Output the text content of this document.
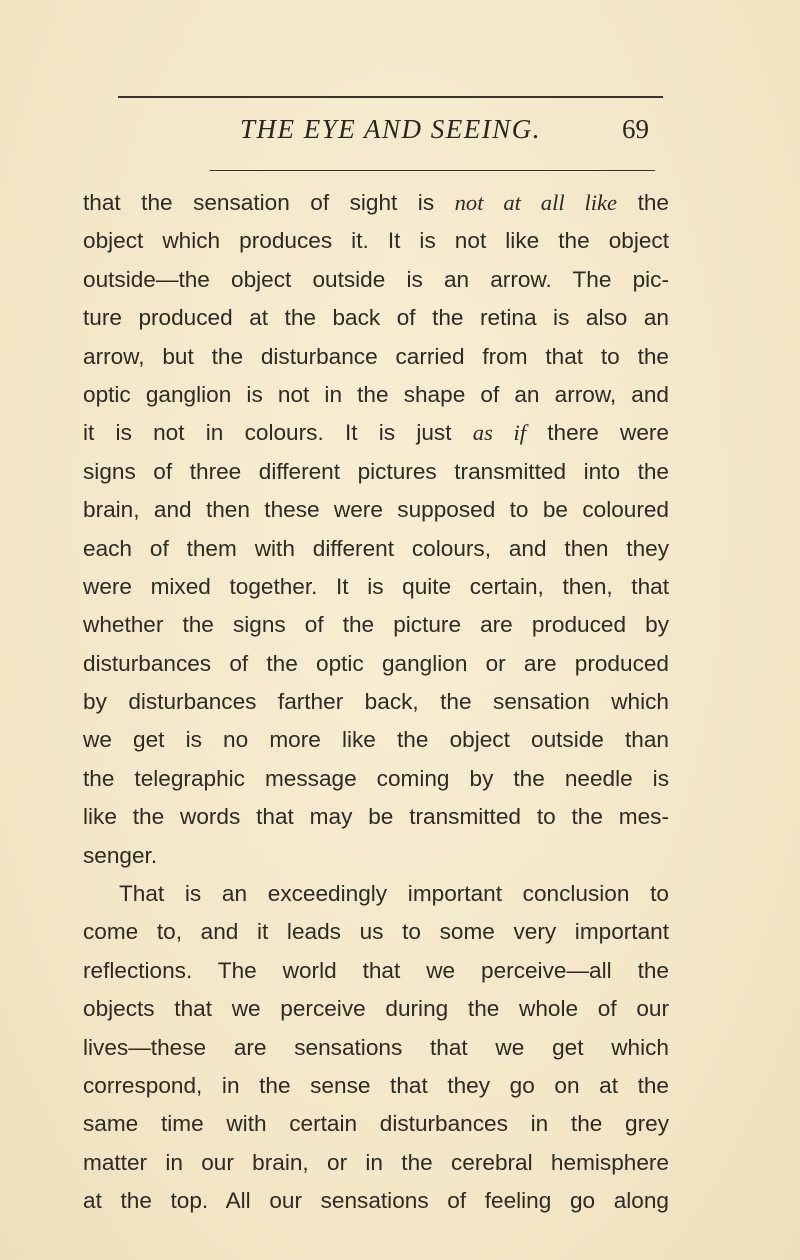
THE EYE AND SEEING.	69
that the sensation of sight is not at all like the
object which produces it. It is not like the object
outside—the object outside is an arrow. The pic-
ture produced at the back of the retina is also an
arrow, but the disturbance carried from that to the
optic ganglion is not in the shape of an arrow, and
it is not in colours. It is just as if there were
signs of three different pictures transmitted into the
brain, and then these were supposed to be coloured
each of them with different colours, and then they
were mixed together. It is quite certain, then, that
whether the signs of the picture are produced by
disturbances of the optic ganglion or are produced
by disturbances farther back, the sensation which
we get is no more like the object outside than
the telegraphic message coming by the needle is
like the words that may be transmitted to the mes-
senger.
That is an exceedingly important conclusion to
come to, and it leads us to some very important
reflections. The world that we perceive—all the
objects that we perceive during the whole of our
lives—these are sensations that we get which
correspond, in the sense that they go on at the
same time with certain disturbances in the grey
matter in our brain, or in the cerebral hemisphere
at the top. All our sensations of feeling go along
